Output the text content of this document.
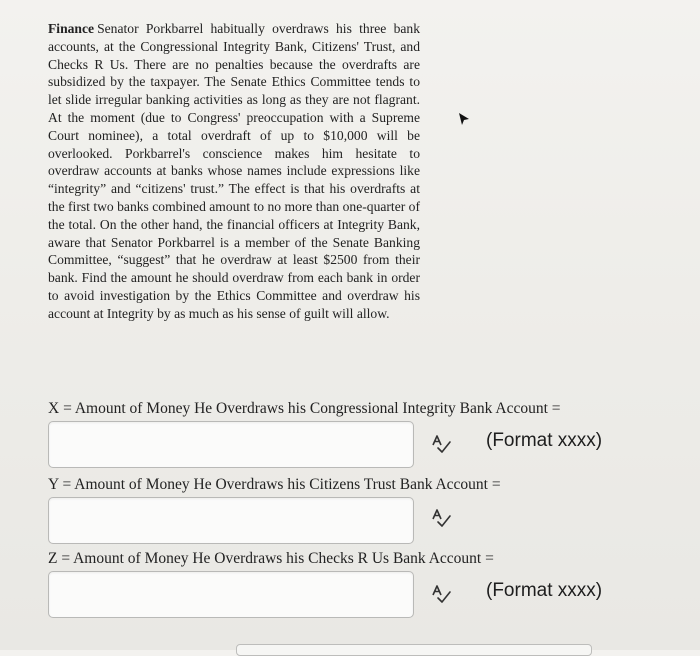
Finance Senator Porkbarrel habitually overdraws his three bank accounts, at the Congressional Integrity Bank, Citizens' Trust, and Checks R Us. There are no penalties because the overdrafts are subsidized by the taxpayer. The Senate Ethics Committee tends to let slide irregular banking activities as long as they are not flagrant. At the moment (due to Congress' preoccupation with a Supreme Court nominee), a total overdraft of up to $10,000 will be overlooked. Porkbarrel's conscience makes him hesitate to overdraw accounts at banks whose names include expressions like “integrity” and “citizens' trust.” The effect is that his overdrafts at the first two banks combined amount to no more than one-quarter of the total. On the other hand, the financial officers at Integrity Bank, aware that Senator Porkbarrel is a member of the Senate Banking Committee, “suggest” that he overdraw at least $2500 from their bank. Find the amount he should overdraw from each bank in order to avoid investigation by the Ethics Committee and overdraw his account at Integrity by as much as his sense of guilt will allow.

X = Amount of Money He Overdraws his Congressional Integrity Bank Account =
(Format xxxx)
Y = Amount of Money He Overdraws his Citizens Trust Bank Account =
Z = Amount of Money He Overdraws his Checks R Us Bank Account =
(Format xxxx)
